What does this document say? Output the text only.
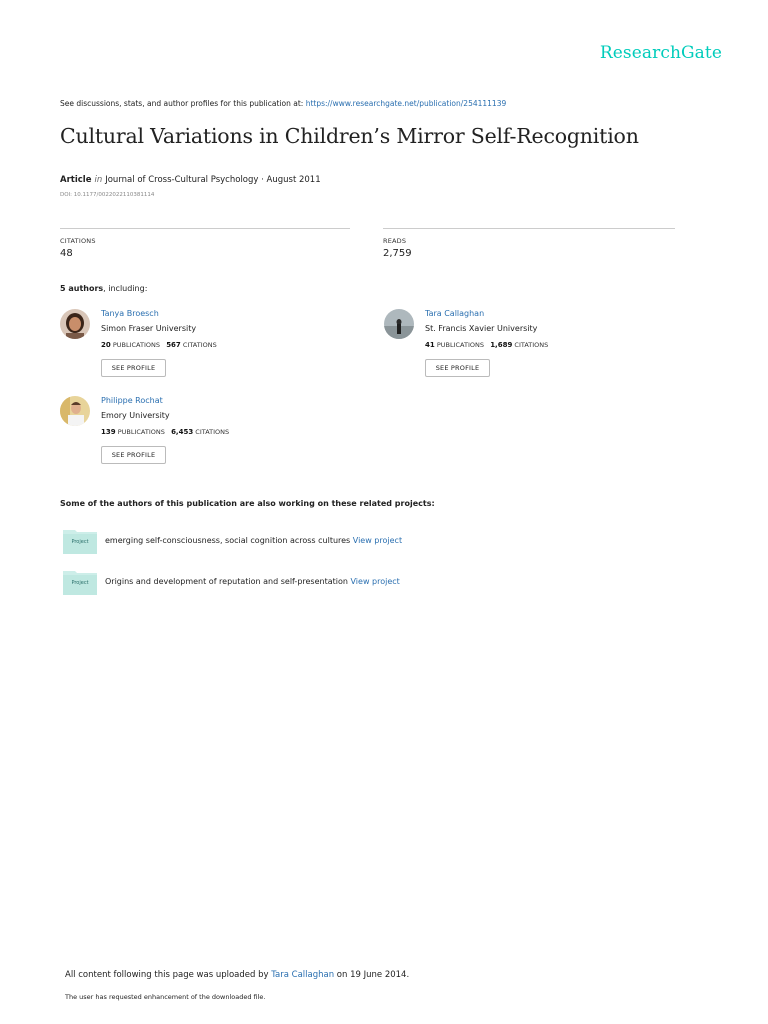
ResearchGate
See discussions, stats, and author profiles for this publication at: https://www.researchgate.net/publication/254111139
Cultural Variations in Children’s Mirror Self-Recognition
Article in Journal of Cross-Cultural Psychology · August 2011
DOI: 10.1177/0022022110381114
CITATIONS
48
READS
2,759
5 authors, including:
Tanya Broesch
Simon Fraser University
20 PUBLICATIONS 567 CITATIONS
SEE PROFILE
Tara Callaghan
St. Francis Xavier University
41 PUBLICATIONS 1,689 CITATIONS
SEE PROFILE
Philippe Rochat
Emory University
139 PUBLICATIONS 6,453 CITATIONS
SEE PROFILE
Some of the authors of this publication are also working on these related projects:
Project	emerging self-consciousness, social cognition across cultures View project
Project	Origins and development of reputation and self-presentation View project
All content following this page was uploaded by Tara Callaghan on 19 June 2014.
The user has requested enhancement of the downloaded file.
